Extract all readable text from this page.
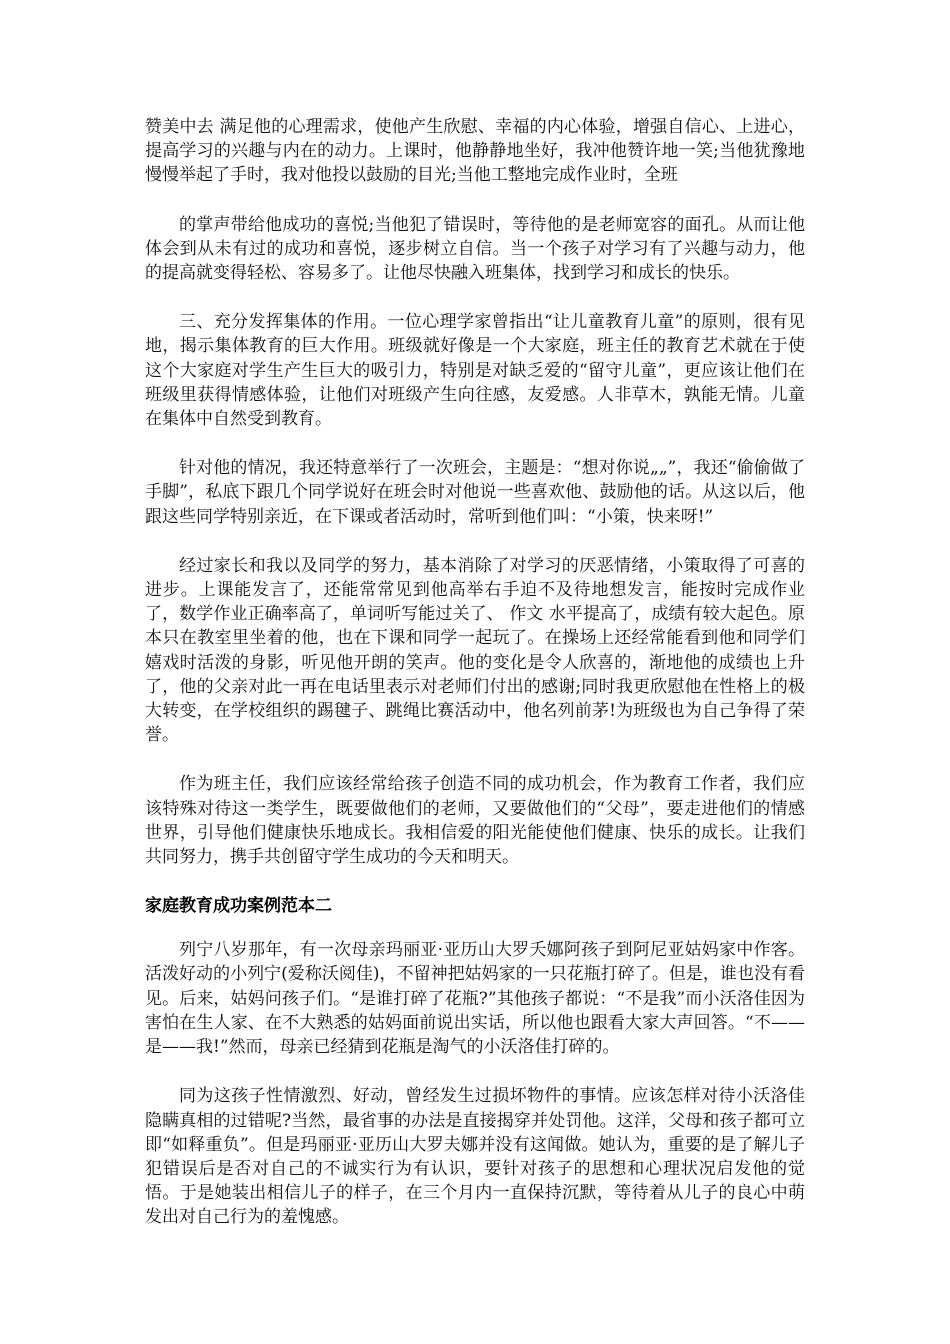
赞美中去 满足他的心理需求，使他产生欣慰、幸福的内心体验，增强自信心、上进心，提高学习的兴趣与内在的动力。上课时，他静静地坐好，我冲他赞许地一笑;当他犹豫地慢慢举起了手时，我对他投以鼓励的目光;当他工整地完成作业时，全班

的掌声带给他成功的喜悦;当他犯了错误时，等待他的是老师宽容的面孔。从而让他体会到从未有过的成功和喜悦，逐步树立自信。当一个孩子对学习有了兴趣与动力，他的提高就变得轻松、容易多了。让他尽快融入班集体，找到学习和成长的快乐。

三、充分发挥集体的作用。一位心理学家曾指出“让儿童教育儿童”的原则，很有见地，揭示集体教育的巨大作用。班级就好像是一个大家庭，班主任的教育艺术就在于使这个大家庭对学生产生巨大的吸引力，特别是对缺乏爱的“留守儿童”，更应该让他们在班级里获得情感体验，让他们对班级产生向往感，友爱感。人非草木，孰能无情。儿童在集体中自然受到教育。

针对他的情况，我还特意举行了一次班会，主题是：“想对你说„„”，我还“偷偷做了手脚”，私底下跟几个同学说好在班会时对他说一些喜欢他、鼓励他的话。从这以后，他跟这些同学特别亲近，在下课或者活动时，常听到他们叫：“小策，快来呀!”

经过家长和我以及同学的努力，基本消除了对学习的厌恶情绪，小策取得了可喜的进步。上课能发言了，还能常常见到他高举右手迫不及待地想发言，能按时完成作业了，数学作业正确率高了，单词听写能过关了、 作文 水平提高了，成绩有较大起色。原本只在教室里坐着的他，也在下课和同学一起玩了。在操场上还经常能看到他和同学们嬉戏时活泼的身影，听见他开朗的笑声。他的变化是令人欣喜的，渐地他的成绩也上升了，他的父亲对此一再在电话里表示对老师们付出的感谢;同时我更欣慰他在性格上的极大转变，在学校组织的踢毽子、跳绳比赛活动中，他名列前茅!为班级也为自己争得了荣誉。

作为班主任，我们应该经常给孩子创造不同的成功机会，作为教育工作者，我们应该特殊对待这一类学生，既要做他们的老师，又要做他们的“父母”，要走进他们的情感世界，引导他们健康快乐地成长。我相信爱的阳光能使他们健康、快乐的成长。让我们共同努力，携手共创留守学生成功的今天和明天。

家庭教育成功案例范本二

列宁八岁那年，有一次母亲玛丽亚·亚历山大罗夭娜阿孩子到阿尼亚姑妈家中作客。活泼好动的小列宁(爱称沃阅佳)，不留神把姑妈家的一只花瓶打碎了。但是，谁也没有看见。后来，姑妈问孩子们。“是谁打碎了花瓶?”其他孩子都说：“不是我”而小沃洛佳因为害怕在生人家、在不大熟悉的姑妈面前说出实话，所以他也跟看大家大声回答。“不——是——我!”然而，母亲已经猜到花瓶是淘气的小沃洛佳打碎的。

同为这孩子性情激烈、好动，曾经发生过损坏物件的事情。应该怎样对待小沃洛佳隐瞒真相的过错呢?当然，最省事的办法是直接揭穿并处罚他。这洋，父母和孩子都可立即“如释重负”。但是玛丽亚·亚历山大罗夫娜并没有这闻做。她认为，重要的是了解儿子犯错误后是否对自己的不诚实行为有认识，要针对孩子的思想和心理状况启发他的觉悟。于是她装出相信儿子的样子，在三个月内一直保持沉默，等待着从儿子的良心中萌发出对自己行为的羞愧感。
